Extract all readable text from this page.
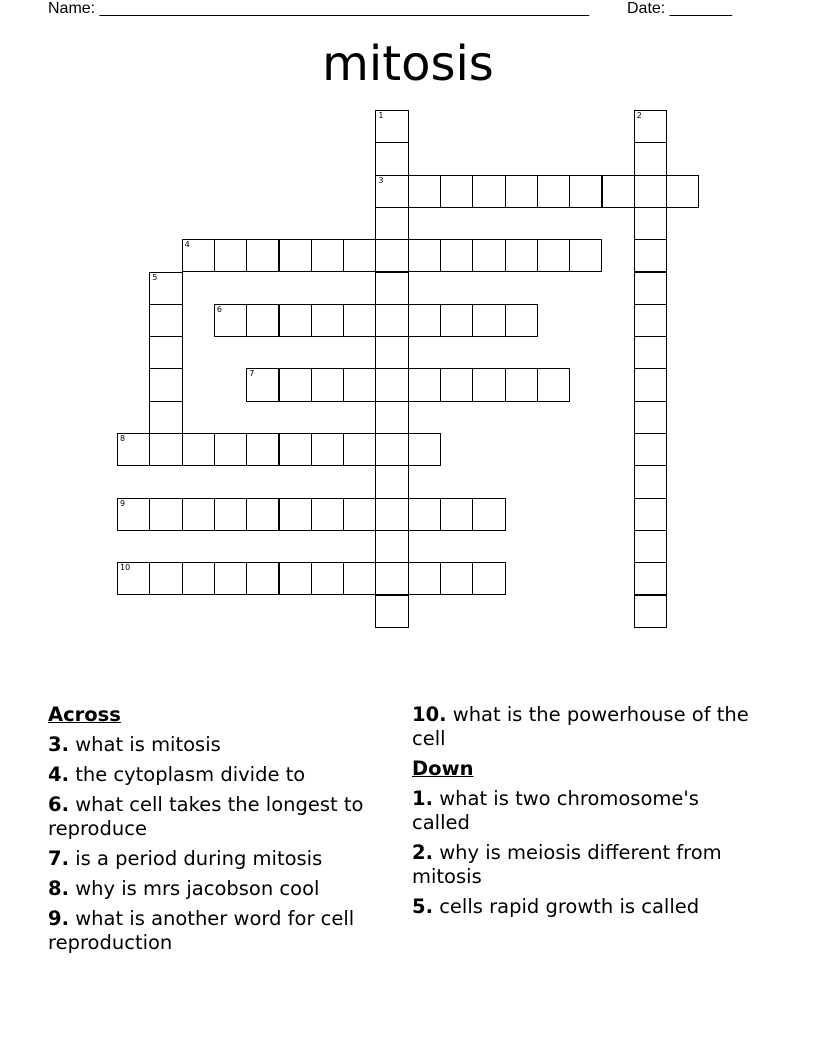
Name: _______________________________________________________ Date: _______
mitosis
1
3
2
4
5
6
7
8
9
10
Across
3. what is mitosis
4. the cytoplasm divide to
6. what cell takes the longest to reproduce
7. is a period during mitosis
8. why is mrs jacobson cool
9. what is another word for cell reproduction
10. what is the powerhouse of the cell
Down
1. what is two chromosome's called
2. why is meiosis different from mitosis
5. cells rapid growth is called
